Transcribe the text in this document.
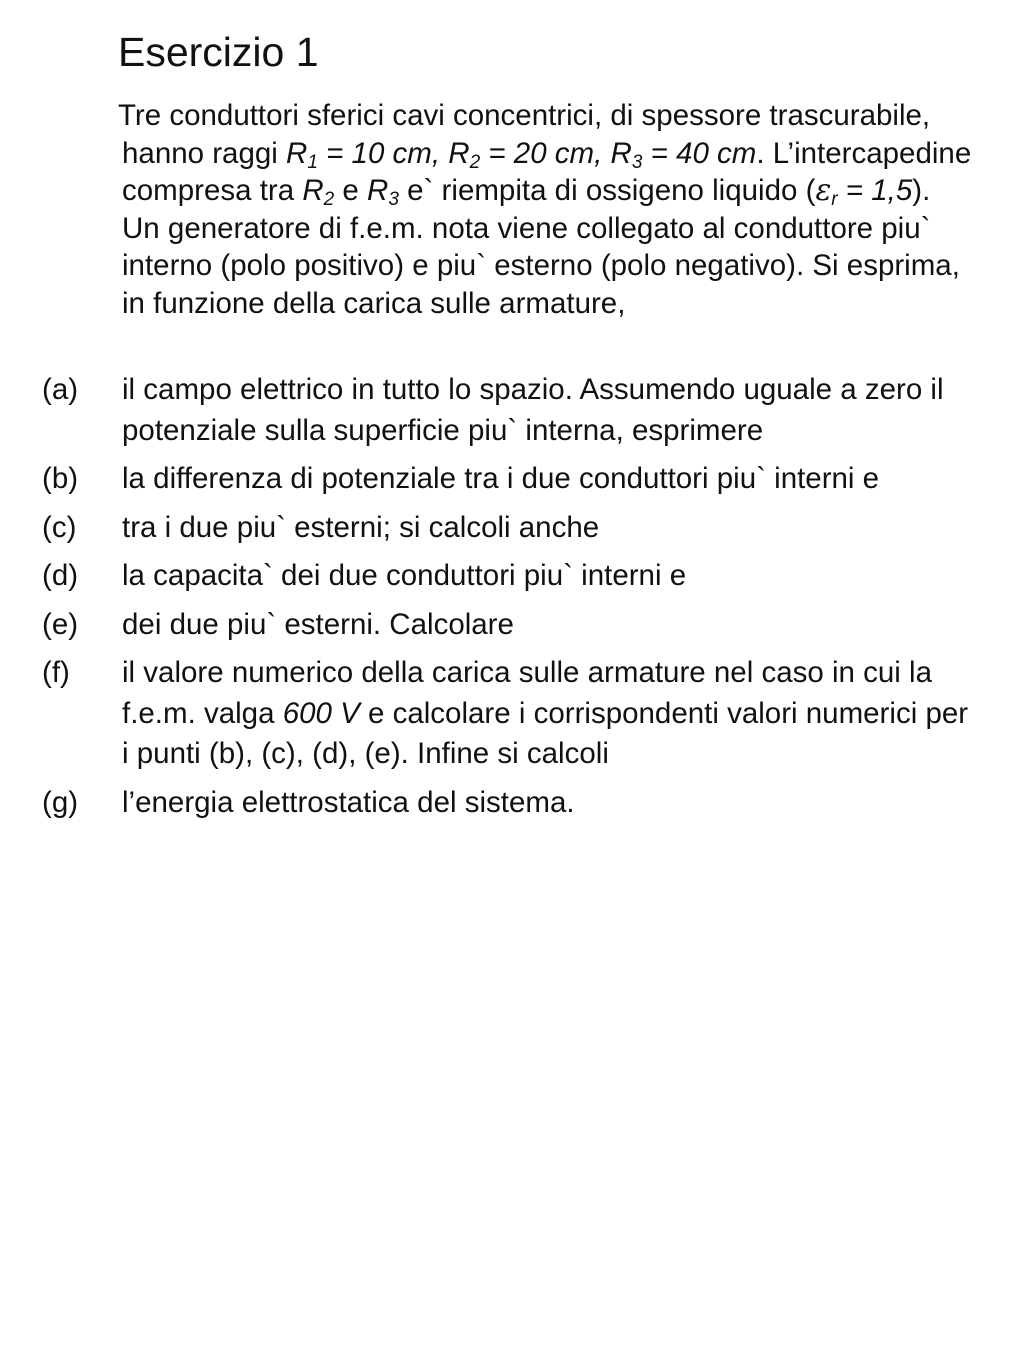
Esercizio 1

Tre conduttori sferici cavi concentrici, di spessore trascurabile, hanno raggi $R_1 = 10$ cm, $R_2 = 20$ cm, $R_3 = 40$ cm. L’intercapedine compresa tra $R_2$ e $R_3$ e` riempita di ossigeno liquido $(\varepsilon_r = 1,5)$. Un generatore di f.e.m. nota viene collegato al conduttore piu` interno (polo positivo) e piu` esterno (polo negativo). Si esprima, in funzione della carica sulle armature,

(a) il campo elettrico in tutto lo spazio. Assumendo uguale a zero il potenziale sulla superficie piu` interna, esprimere
(b) la differenza di potenziale tra i due conduttori piu` interni e
(c) tra i due piu` esterni; si calcoli anche
(d) la capacita` dei due conduttori piu` interni e
(e) dei due piu` esterni. Calcolare
(f) il valore numerico della carica sulle armature nel caso in cui la f.e.m. valga 600 V e calcolare i corrispondenti valori numerici per i punti (b), (c), (d), (e). Infine si calcoli
(g) l’energia elettrostatica del sistema.
